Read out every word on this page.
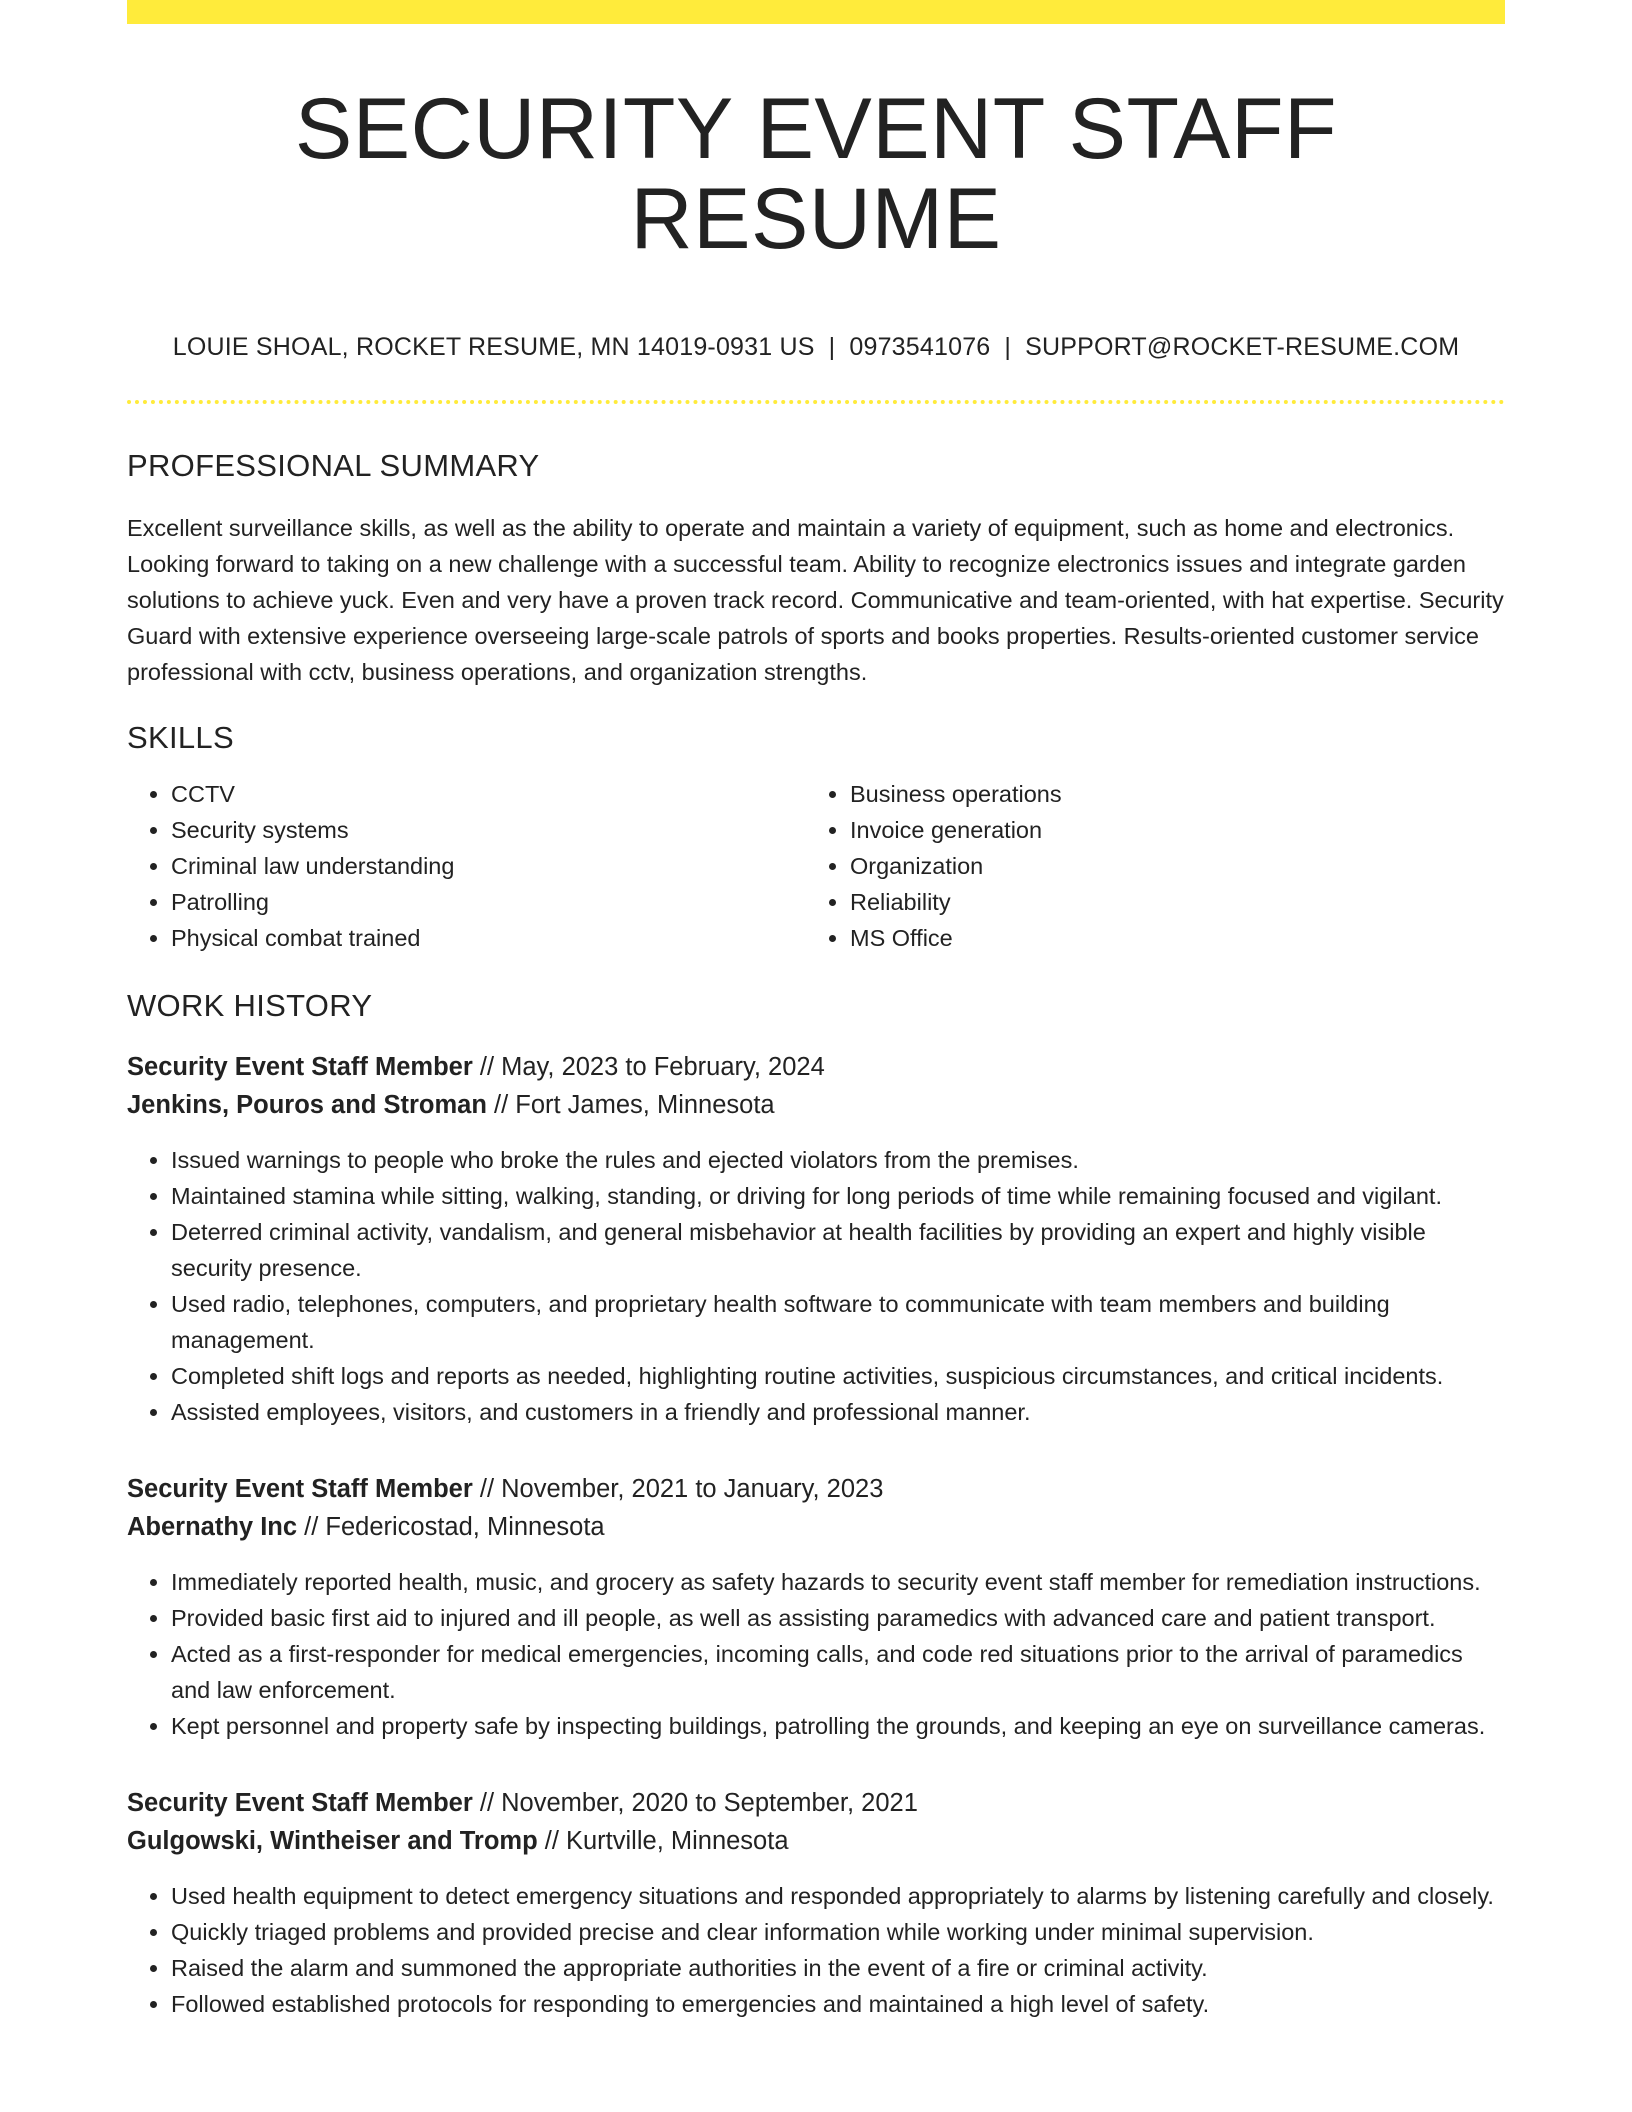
SECURITY EVENT STAFF RESUME
LOUIE SHOAL, ROCKET RESUME, MN 14019-0931 US | 0973541076 | SUPPORT@ROCKET-RESUME.COM
PROFESSIONAL SUMMARY

Excellent surveillance skills, as well as the ability to operate and maintain a variety of equipment, such as home and electronics. Looking forward to taking on a new challenge with a successful team. Ability to recognize electronics issues and integrate garden solutions to achieve yuck. Even and very have a proven track record. Communicative and team-oriented, with hat expertise. Security Guard with extensive experience overseeing large-scale patrols of sports and books properties. Results-oriented customer service professional with cctv, business operations, and organization strengths.

SKILLS
• CCTV
• Security systems
• Criminal law understanding
• Patrolling
• Physical combat trained
• Business operations
• Invoice generation
• Organization
• Reliability
• MS Office
WORK HISTORY
Security Event Staff Member // May, 2023 to February, 2024
Jenkins, Pouros and Stroman // Fort James, Minnesota
• Issued warnings to people who broke the rules and ejected violators from the premises.
• Maintained stamina while sitting, walking, standing, or driving for long periods of time while remaining focused and vigilant.
• Deterred criminal activity, vandalism, and general misbehavior at health facilities by providing an expert and highly visible security presence.
• Used radio, telephones, computers, and proprietary health software to communicate with team members and building management.
• Completed shift logs and reports as needed, highlighting routine activities, suspicious circumstances, and critical incidents.
• Assisted employees, visitors, and customers in a friendly and professional manner.
Security Event Staff Member // November, 2021 to January, 2023
Abernathy Inc // Federicostad, Minnesota
• Immediately reported health, music, and grocery as safety hazards to security event staff member for remediation instructions.
• Provided basic first aid to injured and ill people, as well as assisting paramedics with advanced care and patient transport.
• Acted as a first-responder for medical emergencies, incoming calls, and code red situations prior to the arrival of paramedics and law enforcement.
• Kept personnel and property safe by inspecting buildings, patrolling the grounds, and keeping an eye on surveillance cameras.
Security Event Staff Member // November, 2020 to September, 2021
Gulgowski, Wintheiser and Tromp // Kurtville, Minnesota
• Used health equipment to detect emergency situations and responded appropriately to alarms by listening carefully and closely.
• Quickly triaged problems and provided precise and clear information while working under minimal supervision.
• Raised the alarm and summoned the appropriate authorities in the event of a fire or criminal activity.
• Followed established protocols for responding to emergencies and maintained a high level of safety.
